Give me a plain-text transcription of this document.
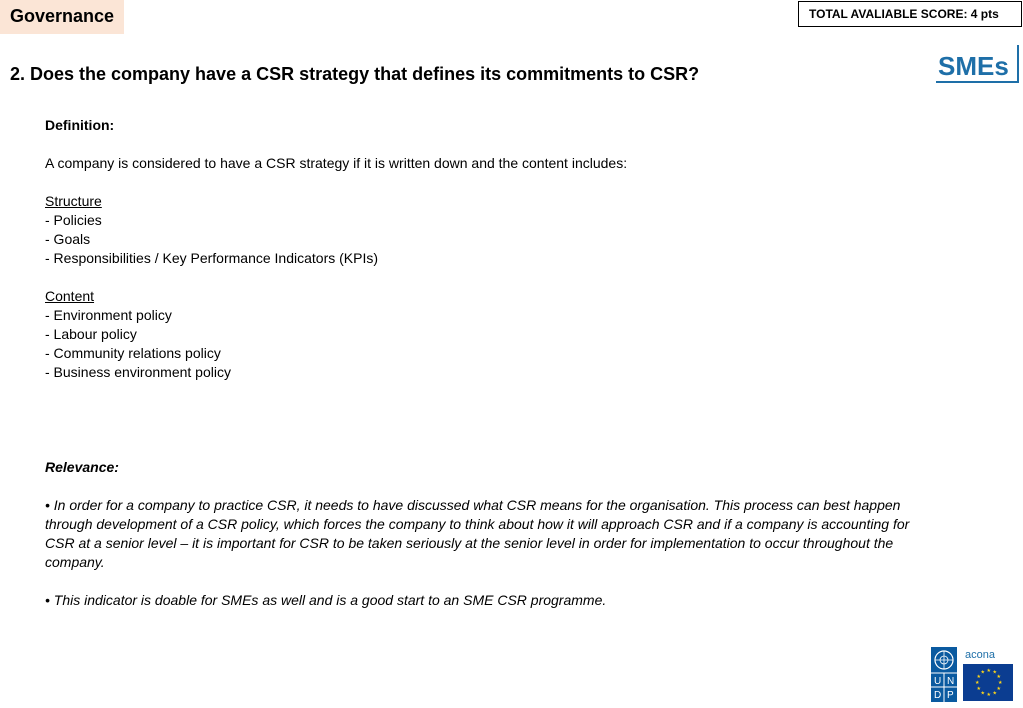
Governance	TOTAL AVALIABLE SCORE: 4 pts
SMEs
2. Does the company have a CSR strategy that defines its commitments to CSR?

Definition:

A company is considered to have a CSR strategy if it is written down and the content includes:

Structure

- Policies

- Goals

- Responsibilities / Key Performance Indicators (KPIs)

Content

- Environment policy

- Labour policy

- Community relations policy

- Business environment policy

Relevance:

• In order for a company to practice CSR, it needs to have discussed what CSR means for the organisation. This process can best happen through development of a CSR policy, which forces the company to think about how it will approach CSR and if a company is accounting for CSR at a senior level – it is important for CSR to be taken seriously at the senior level in order for implementation to occur throughout the company.

• This indicator is doable for SMEs as well and is a good start to an SME CSR programme.

U N
D P
acona
★ ★
★
★
★
★
★
★
★
★
★
★
